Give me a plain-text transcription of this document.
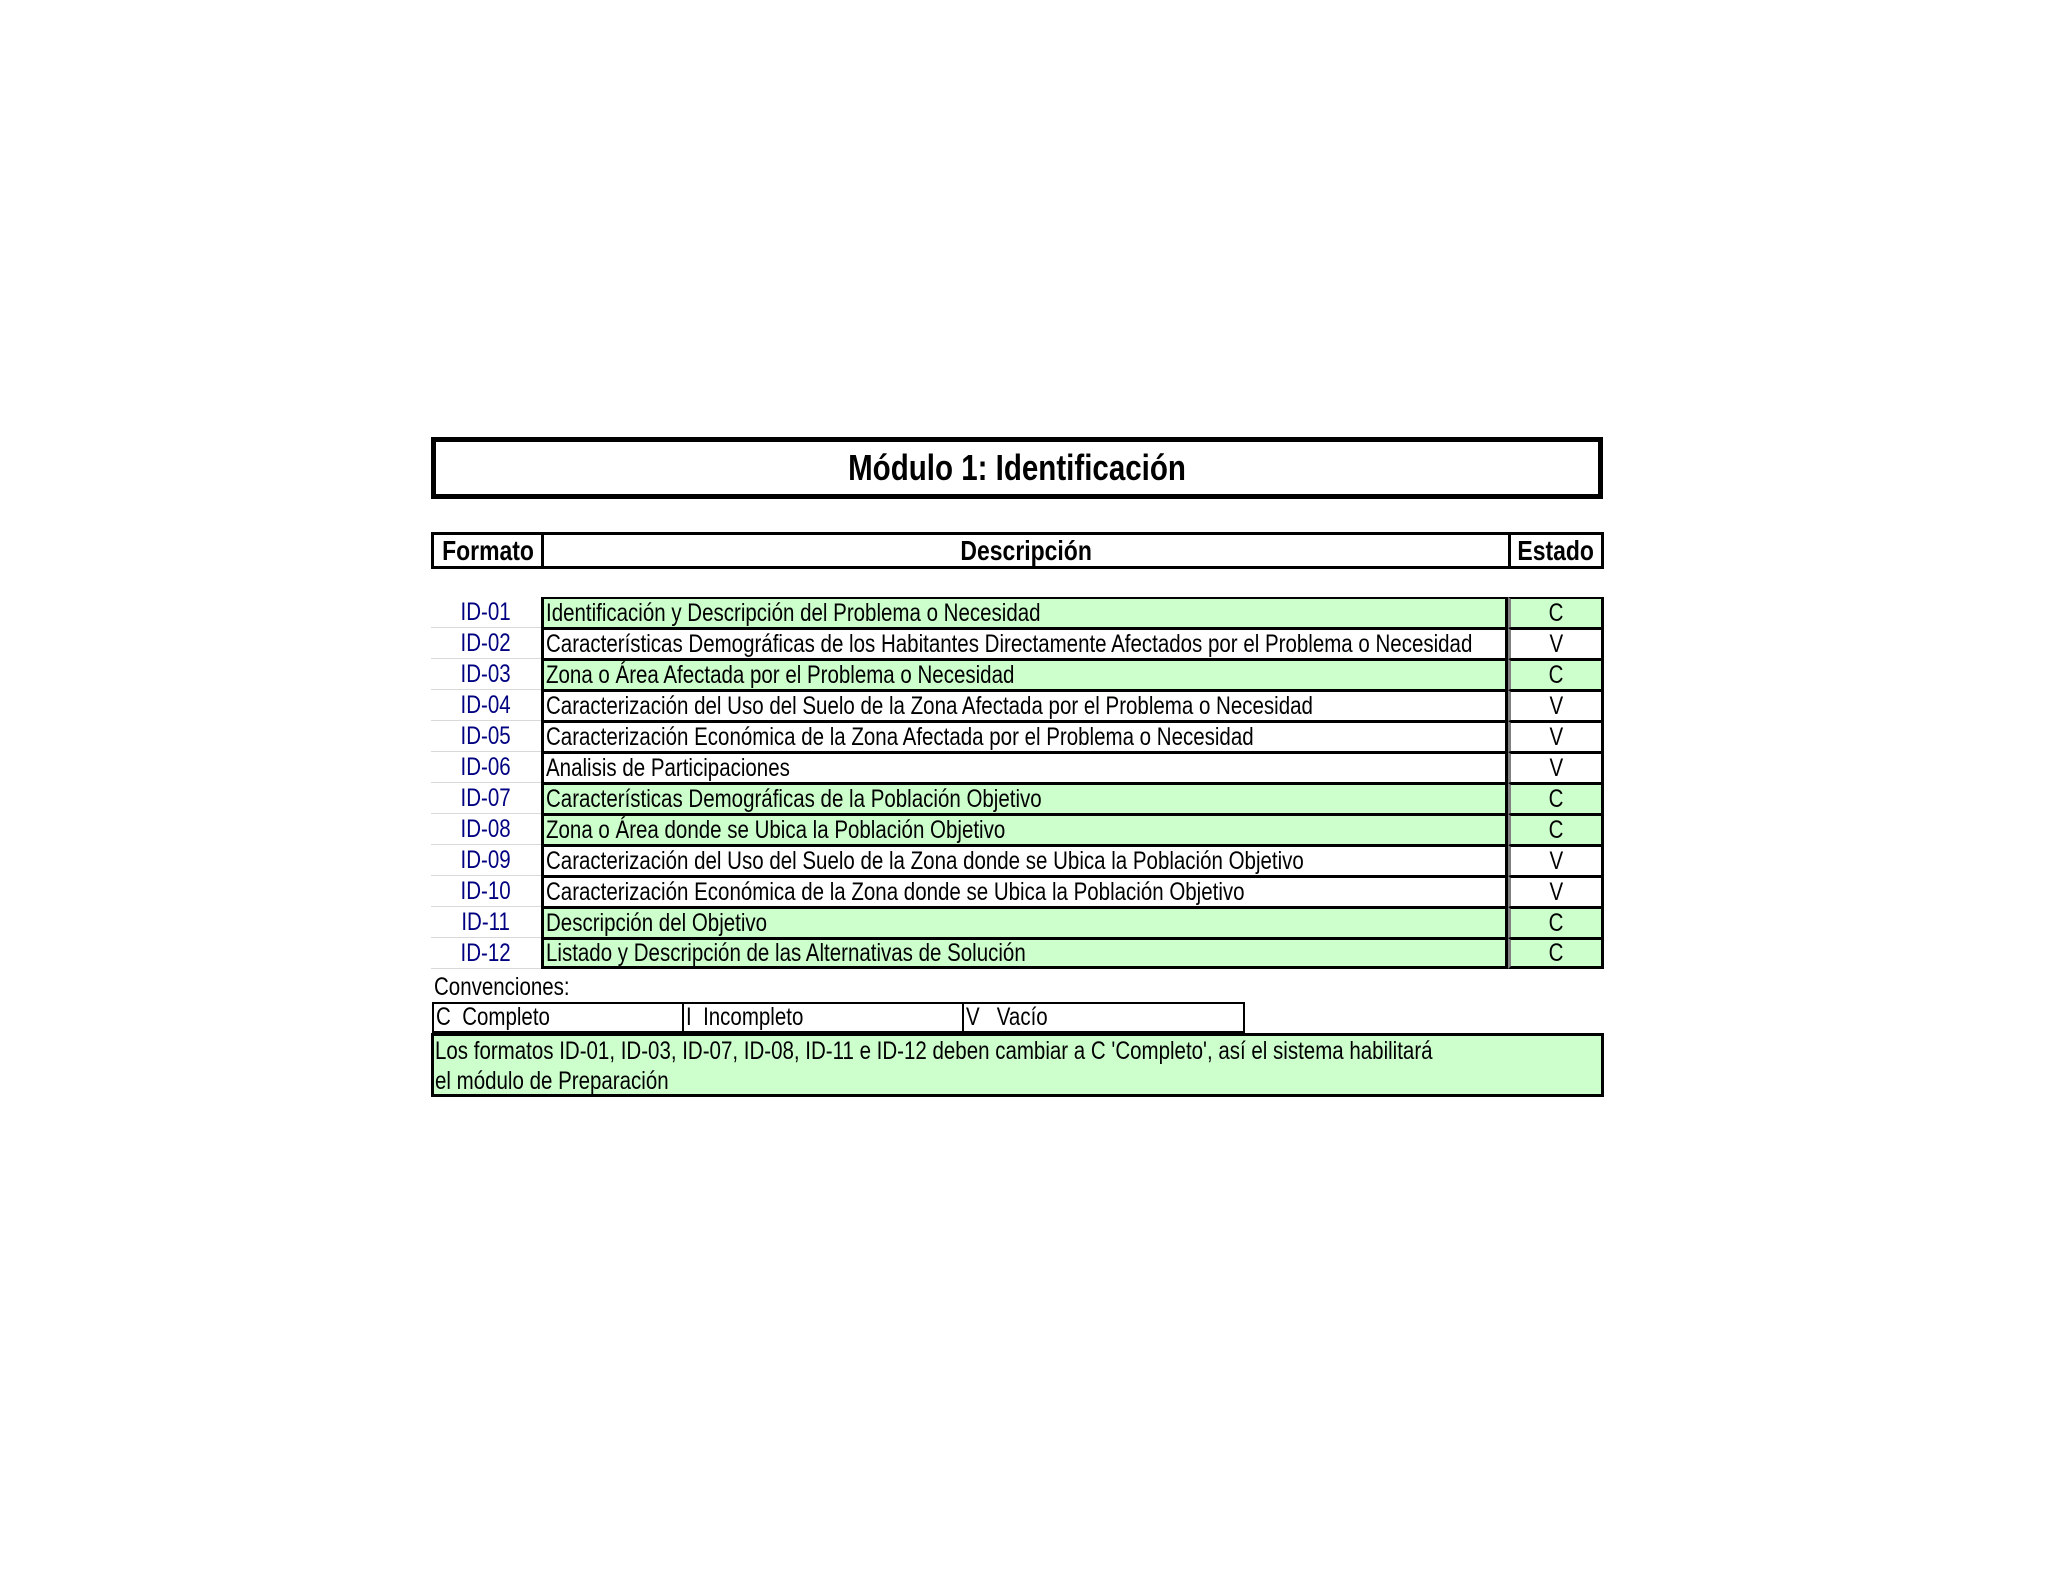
Módulo 1: Identificación
Formato	Descripción	Estado
ID-01 Identificación y Descripción del Problema o Necesidad	C
ID-02 Características Demográficas de los Habitantes Directamente Afectados por el Problema o Necesidad	V
ID-03 Zona o Área Afectada por el Problema o Necesidad	C
ID-04 Caracterización del Uso del Suelo de la Zona Afectada por el Problema o Necesidad	V
ID-05 Caracterización Económica de la Zona Afectada por el Problema o Necesidad	V
ID-06 Analisis de Participaciones	V
ID-07 Características Demográficas de la Población Objetivo	C
ID-08 Zona o Área donde se Ubica la Población Objetivo	C
ID-09 Caracterización del Uso del Suelo de la Zona donde se Ubica la Población Objetivo	V
ID-10 Caracterización Económica de la Zona donde se Ubica la Población Objetivo	V
ID-11 Descripción del Objetivo	C
ID-12 Listado y Descripción de las Alternativas de Solución	C
Convenciones:
C  Completo	I  Incompleto	V   Vacío
Los formatos ID-01, ID-03, ID-07, ID-08, ID-11 e ID-12 deben cambiar a C 'Completo', así el sistema habilitará
el módulo de Preparación
